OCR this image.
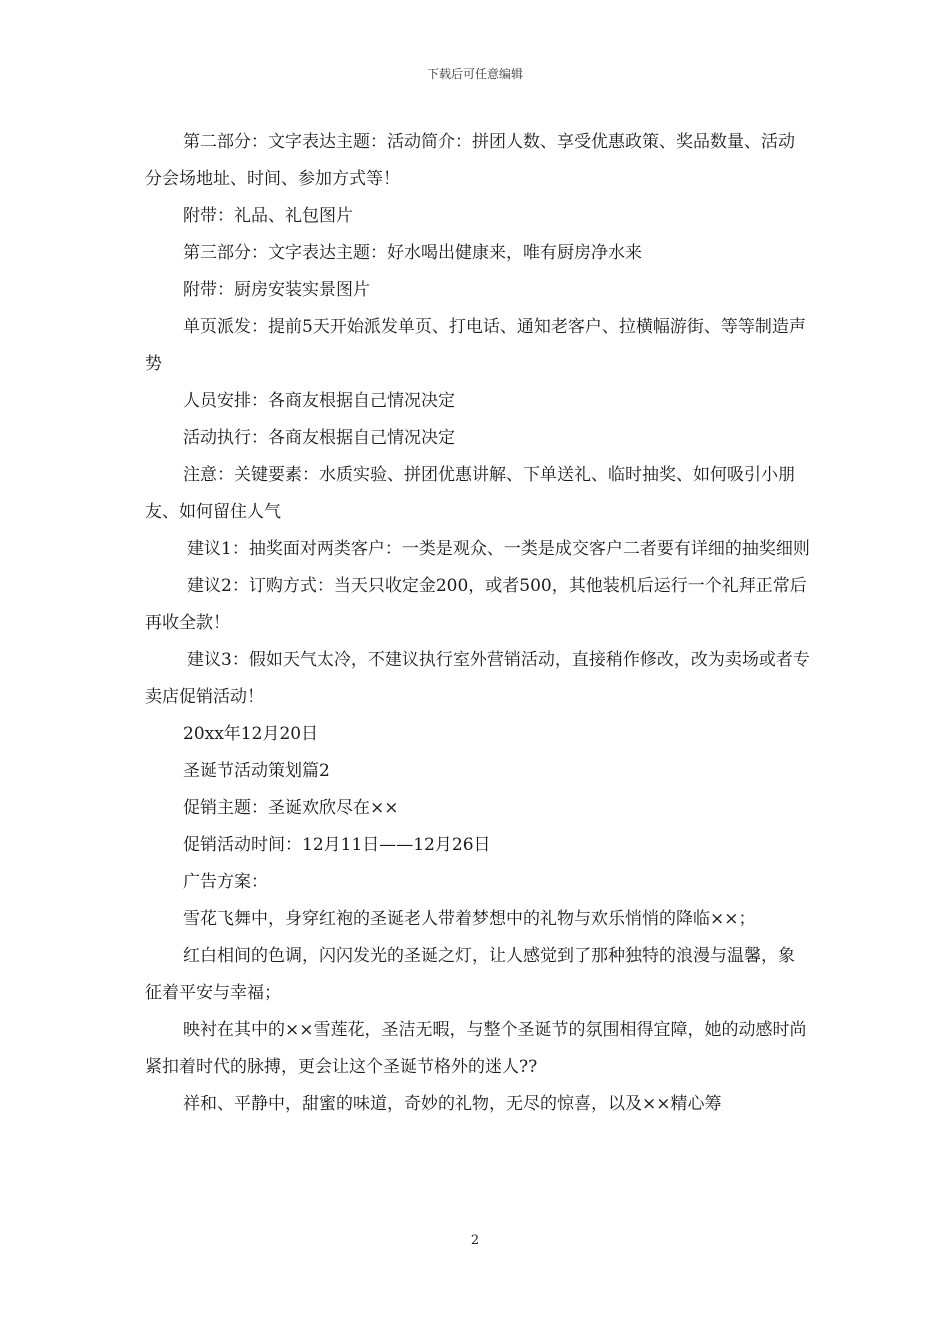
下载后可任意编辑

第二部分：文字表达主题：活动简介：拼团人数、享受优惠政策、奖品数量、活动分会场地址、时间、参加方式等！

附带：礼品、礼包图片

第三部分：文字表达主题：好水喝出健康来，唯有厨房净水来

附带：厨房安装实景图片

单页派发：提前5天开始派发单页、打电话、通知老客户、拉横幅游街、等等制造声势

人员安排：各商友根据自己情况决定

活动执行：各商友根据自己情况决定

注意：关键要素：水质实验、拼团优惠讲解、下单送礼、临时抽奖、如何吸引小朋友、如何留住人气

建议1：抽奖面对两类客户：一类是观众、一类是成交客户二者要有详细的抽奖细则

建议2：订购方式：当天只收定金200，或者500，其他装机后运行一个礼拜正常后再收全款！

建议3：假如天气太冷，不建议执行室外营销活动，直接稍作修改，改为卖场或者专卖店促销活动！

20xx年12月20日

圣诞节活动策划篇2

促销主题：圣诞欢欣尽在××

促销活动时间：12月11日——12月26日

广告方案：

雪花飞舞中，身穿红袍的圣诞老人带着梦想中的礼物与欢乐悄悄的降临××；

红白相间的色调，闪闪发光的圣诞之灯，让人感觉到了那种独特的浪漫与温馨，象征着平安与幸福；

映衬在其中的××雪莲花，圣洁无暇，与整个圣诞节的氛围相得宜障，她的动感时尚紧扣着时代的脉搏，更会让这个圣诞节格外的迷人??

祥和、平静中，甜蜜的味道，奇妙的礼物，无尽的惊喜，以及××精心筹

2
